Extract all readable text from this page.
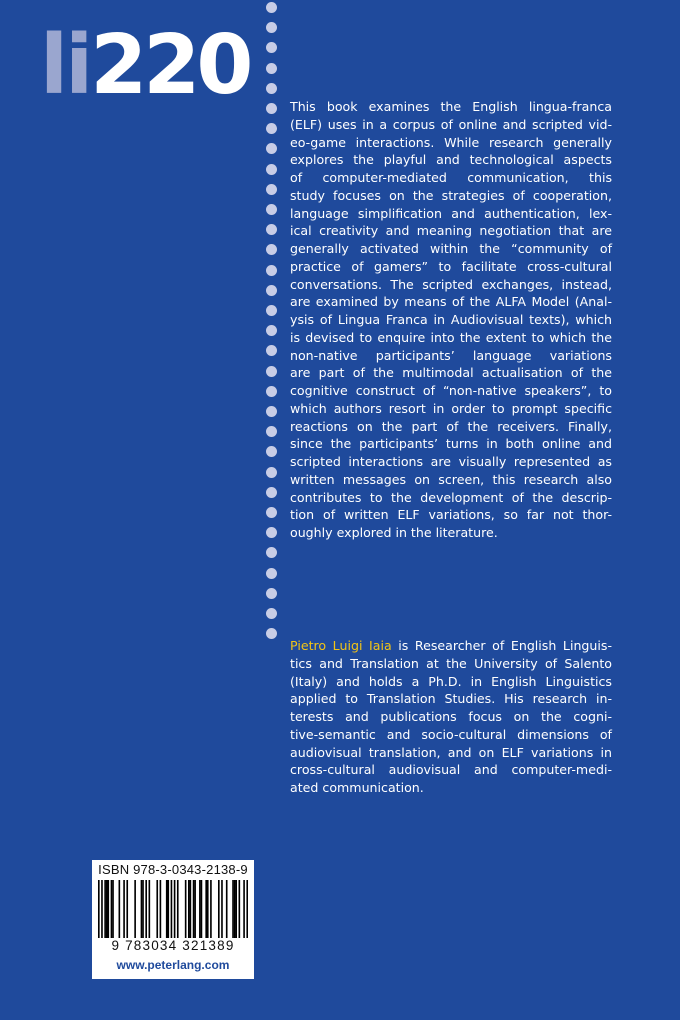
li 220	This book examines the English lingua-franca
(ELF) uses in a corpus of online and scripted vid-
eo-game interactions. While research generally
explores the playful and technological aspects
of computer-mediated communication, this
study focuses on the strategies of cooperation,
language simplification and authentication, lex-
ical creativity and meaning negotiation that are
generally activated within the “community of
practice of gamers” to facilitate cross-cultural
conversations. The scripted exchanges, instead,
are examined by means of the ALFA Model (Anal-
ysis of Lingua Franca in Audiovisual texts), which
is devised to enquire into the extent to which the
non-native participants’ language variations
are part of the multimodal actualisation of the
cognitive construct of “non-native speakers”, to
which authors resort in order to prompt specific
reactions on the part of the receivers. Finally,
since the participants’ turns in both online and
scripted interactions are visually represented as
written messages on screen, this research also
contributes to the development of the descrip-
tion of written ELF variations, so far not thor-
oughly explored in the literature.
Pietro Luigi Iaia is Researcher of English Linguis-
tics and Translation at the University of Salento
(Italy) and holds a Ph.D. in English Linguistics
applied to Translation Studies. His research in-
terests and publications focus on the cogni-
tive-semantic and socio-cultural dimensions of
audiovisual translation, and on ELF variations in
cross-cultural audiovisual and computer-medi-
ated communication.
ISBN 978-3-0343-2138-9
9 783034 321389
www.peterlang.com
